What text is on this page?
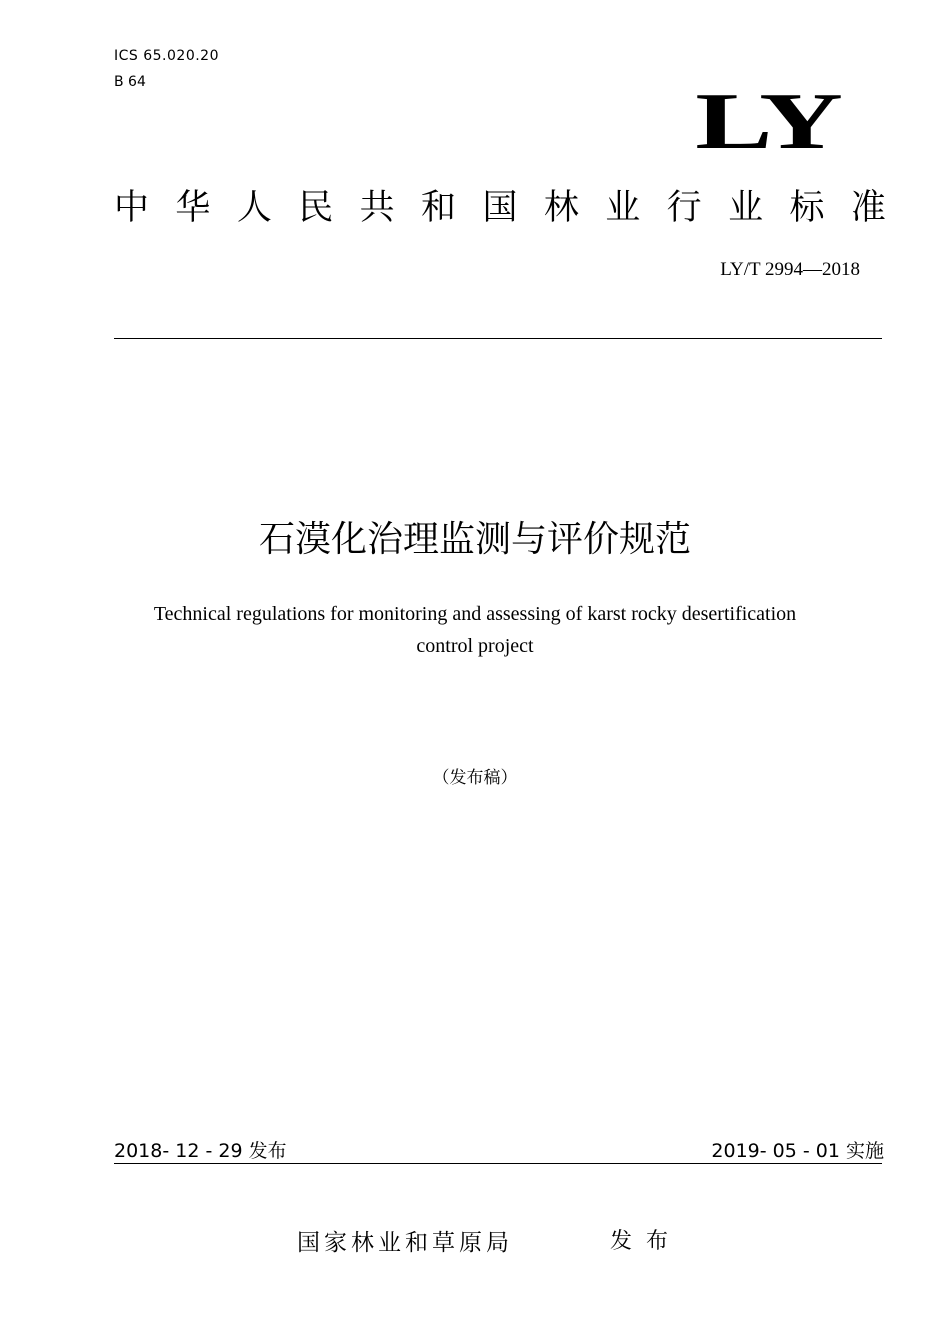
ICS 65.020.20
B 64	LY
中 华 人 民 共 和 国 林 业 行 业 标 准
LY/T 2994—2018
石漠化治理监测与评价规范
Technical regulations for monitoring and assessing of karst rocky desertification
control project
（发布稿）
2018- 12 - 29 发布	2019- 05 - 01 实施
国家林业和草原局	发布
